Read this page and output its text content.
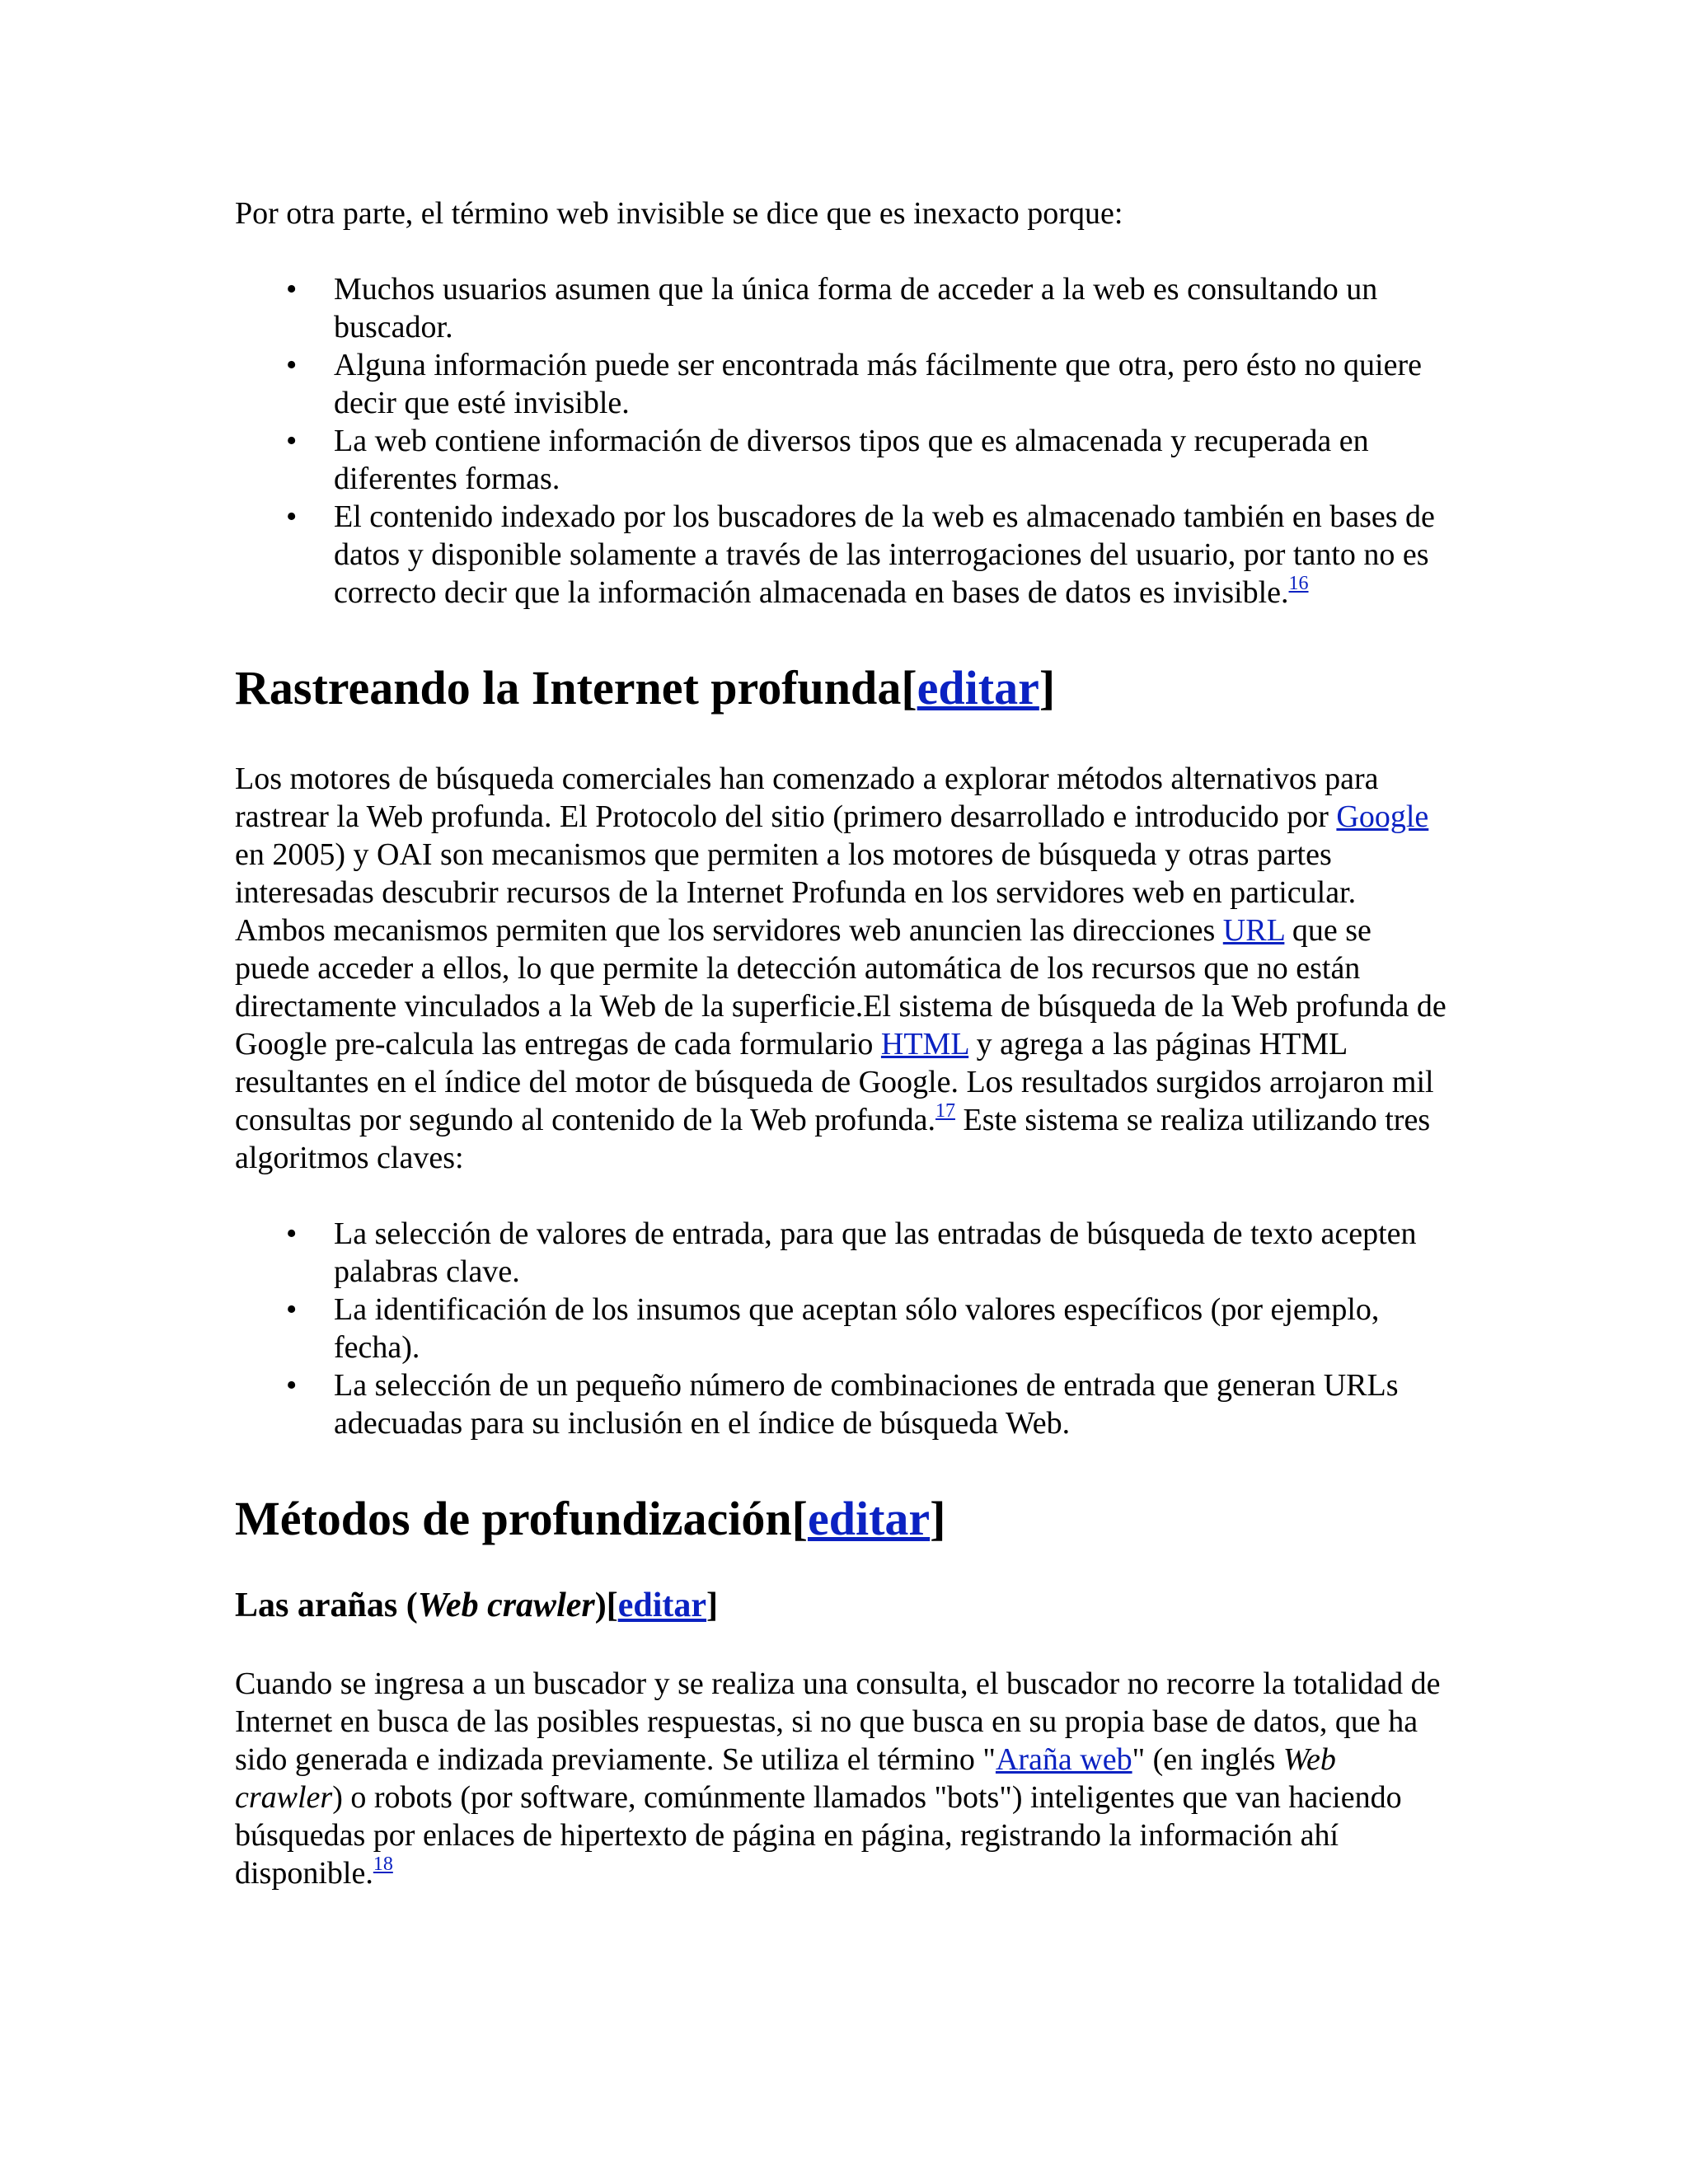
Por otra parte, el término web invisible se dice que es inexacto porque:

• Muchos usuarios asumen que la única forma de acceder a la web es consultando un buscador.
• Alguna información puede ser encontrada más fácilmente que otra, pero ésto no quiere decir que esté invisible.
• La web contiene información de diversos tipos que es almacenada y recuperada en diferentes formas.
• El contenido indexado por los buscadores de la web es almacenado también en bases de datos y disponible solamente a través de las interrogaciones del usuario, por tanto no es correcto decir que la información almacenada en bases de datos es invisible.$^{16}$
Rastreando la Internet profunda[editar]

Los motores de búsqueda comerciales han comenzado a explorar métodos alternativos para rastrear la Web profunda. El Protocolo del sitio (primero desarrollado e introducido por Google en 2005) y OAI son mecanismos que permiten a los motores de búsqueda y otras partes interesadas descubrir recursos de la Internet Profunda en los servidores web en particular. Ambos mecanismos permiten que los servidores web anuncien las direcciones URL que se puede acceder a ellos, lo que permite la detección automática de los recursos que no están directamente vinculados a la Web de la superficie.El sistema de búsqueda de la Web profunda de Google pre-calcula las entregas de cada formulario HTML y agrega a las páginas HTML resultantes en el índice del motor de búsqueda de Google. Los resultados surgidos arrojaron mil consultas por segundo al contenido de la Web profunda.$^{17}$ Este sistema se realiza utilizando tres algoritmos claves:

• La selección de valores de entrada, para que las entradas de búsqueda de texto acepten palabras clave.
• La identificación de los insumos que aceptan sólo valores específicos (por ejemplo, fecha).
• La selección de un pequeño número de combinaciones de entrada que generan URLs adecuadas para su inclusión en el índice de búsqueda Web.
Métodos de profundización[editar]
Las arañas (Web crawler)[editar]

Cuando se ingresa a un buscador y se realiza una consulta, el buscador no recorre la totalidad de Internet en busca de las posibles respuestas, si no que busca en su propia base de datos, que ha sido generada e indizada previamente. Se utiliza el término "Araña web" (en inglés Web crawler) o robots (por software, comúnmente llamados "bots") inteligentes que van haciendo búsquedas por enlaces de hipertexto de página en página, registrando la información ahí disponible.$^{18}$
